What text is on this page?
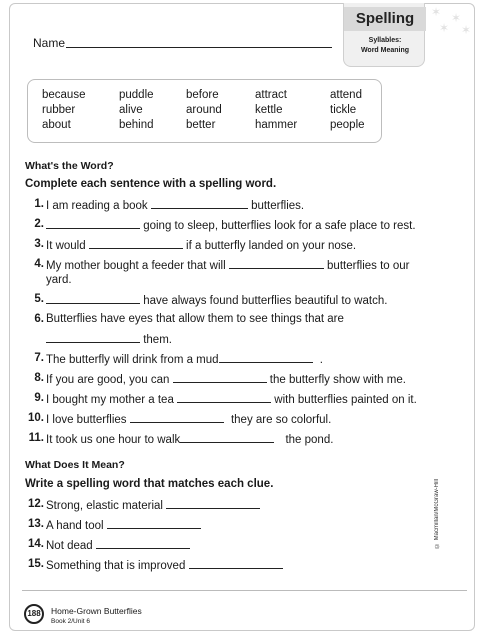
Name
✶ ✶
✶ ✶
Spelling
Syllables:
Word Meaning
because	puddle	before	attract	attend
rubber	alive	around	kettle	tickle
about	behind	better	hammer	people
What's the Word?
Complete each sentence with a spelling word.
1. I am reading a book	butterflies.
2.	going to sleep, butterflies look for a safe place to rest.
3. It would	if a butterfly landed on your nose.
4. My mother bought a feeder that will	butterflies to our
yard.
5.	have always found butterflies beautiful to watch.
6. Butterflies have eyes that allow them to see things that are
them.
7. The butterfly will drink from a mud	.
8. If you are good, you can	the butterfly show with me.
9. I bought my mother a tea	with butterflies painted on it.
10. I love butterflies	they are so colorful.
11. It took us one hour to walk	the pond.
What Does It Mean?
Write a spelling word that matches each clue.
12. Strong, elastic material
13. A hand tool
14. Not dead
15. Something that is improved
© Macmillan/McGraw-Hill
188	Home-Grown Butterflies
Book 2/Unit 6
